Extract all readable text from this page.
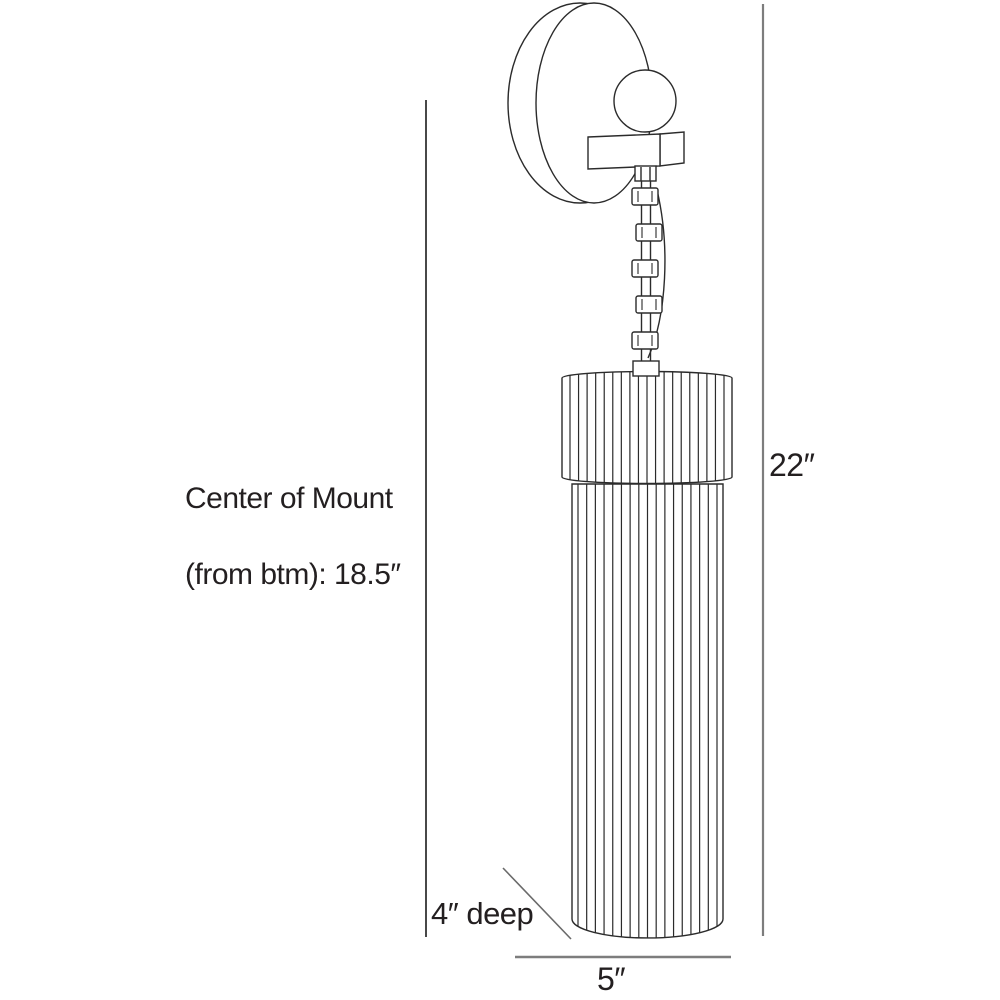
Center of Mount

(from btm): 18.5″
22″
4″ deep
5″
